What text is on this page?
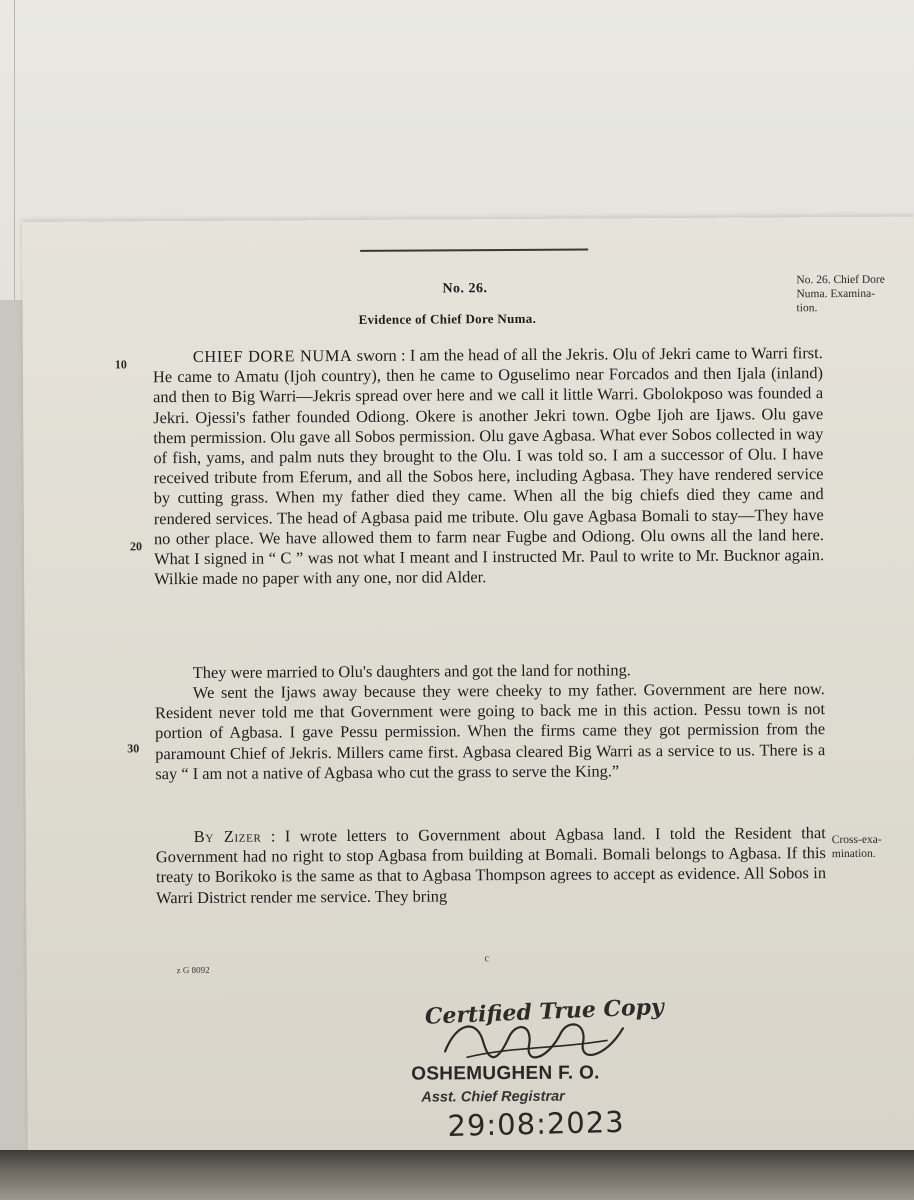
No. 26.
Evidence of Chief Dore Numa.
No. 26. Chief Dore Numa. Examina- tion.
10
20
30
CHIEF DORE NUMA sworn : I am the head of all the Jekris. Olu of Jekri came to Warri first. He came to Amatu (Ijoh country), then he came to Oguselimo near Forcados and then Ijala (inland) and then to Big Warri—Jekris spread over here and we call it little Warri. Gbolokposo was founded a Jekri. Ojessi's father founded Odiong. Okere is another Jekri town. Ogbe Ijoh are Ijaws. Olu gave them permission. Olu gave all Sobos permission. Olu gave Agbasa. What ever Sobos collected in way of fish, yams, and palm nuts they brought to the Olu. I was told so. I am a successor of Olu. I have received tribute from Eferum, and all the Sobos here, including Agbasa. They have rendered service by cutting grass. When my father died they came. When all the big chiefs died they came and rendered services. The head of Agbasa paid me tribute. Olu gave Agbasa Bomali to stay—They have no other place. We have allowed them to farm near Fugbe and Odiong. Olu owns all the land here. What I signed in “ C ” was not what I meant and I instructed Mr. Paul to write to Mr. Bucknor again. Wilkie made no paper with any one, nor did Alder.
They were married to Olu's daughters and got the land for nothing.
We sent the Ijaws away because they were cheeky to my father. Government are here now. Resident never told me that Government were going to back me in this action. Pessu town is not portion of Agbasa. I gave Pessu permission. When the firms came they got permission from the paramount Chief of Jekris. Millers came first. Agbasa cleared Big Warri as a service to us. There is a say “ I am not a native of Agbasa who cut the grass to serve the King.”
Cross-exa- mination.
By Zizer : I wrote letters to Government about Agbasa land. I told the Resident that Government had no right to stop Agbasa from building at Bomali. Bomali belongs to Agbasa. If this treaty to Borikoko is the same as that to Agbasa Thompson agrees to accept as evidence. All Sobos in Warri District render me service. They bring
z G 8092
c
Certified True Copy
OSHEMUGHEN F. O.
Asst. Chief Registrar
29:08:2023
